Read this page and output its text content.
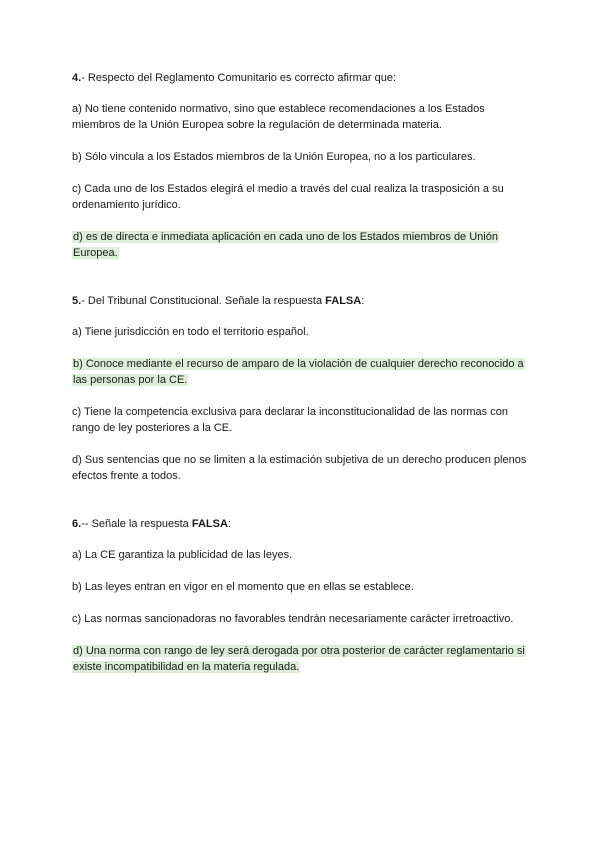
4.- Respecto del Reglamento Comunitario es correcto afirmar que:

a) No tiene contenido normativo, sino que establece recomendaciones a los Estados miembros de la Unión Europea sobre la regulación de determinada materia.

b) Sólo vincula a los Estados miembros de la Unión Europea, no a los particulares.

c) Cada uno de los Estados elegirá el medio a través del cual realiza la trasposición a su ordenamiento jurídico.

d) es de directa e inmediata aplicación en cada uno de los Estados miembros de Unión Europea.

5.- Del Tribunal Constitucional. Señale la respuesta FALSA:

a) Tiene jurisdicción en todo el territorio español.

b) Conoce mediante el recurso de amparo de la violación de cualquier derecho reconocido a las personas por la CE.

c) Tiene la competencia exclusiva para declarar la inconstitucionalidad de las normas con rango de ley posteriores a la CE.

d) Sus sentencias que no se limiten a la estimación subjetiva de un derecho producen plenos efectos frente a todos.

6.-- Señale la respuesta FALSA:

a) La CE garantiza la publicidad de las leyes.

b) Las leyes entran en vigor en el momento que en ellas se establece.

c) Las normas sancionadoras no favorables tendrán necesariamente carácter irretroactivo.

d) Una norma con rango de ley será derogada por otra posterior de carácter reglamentario si existe incompatibilidad en la materia regulada.
